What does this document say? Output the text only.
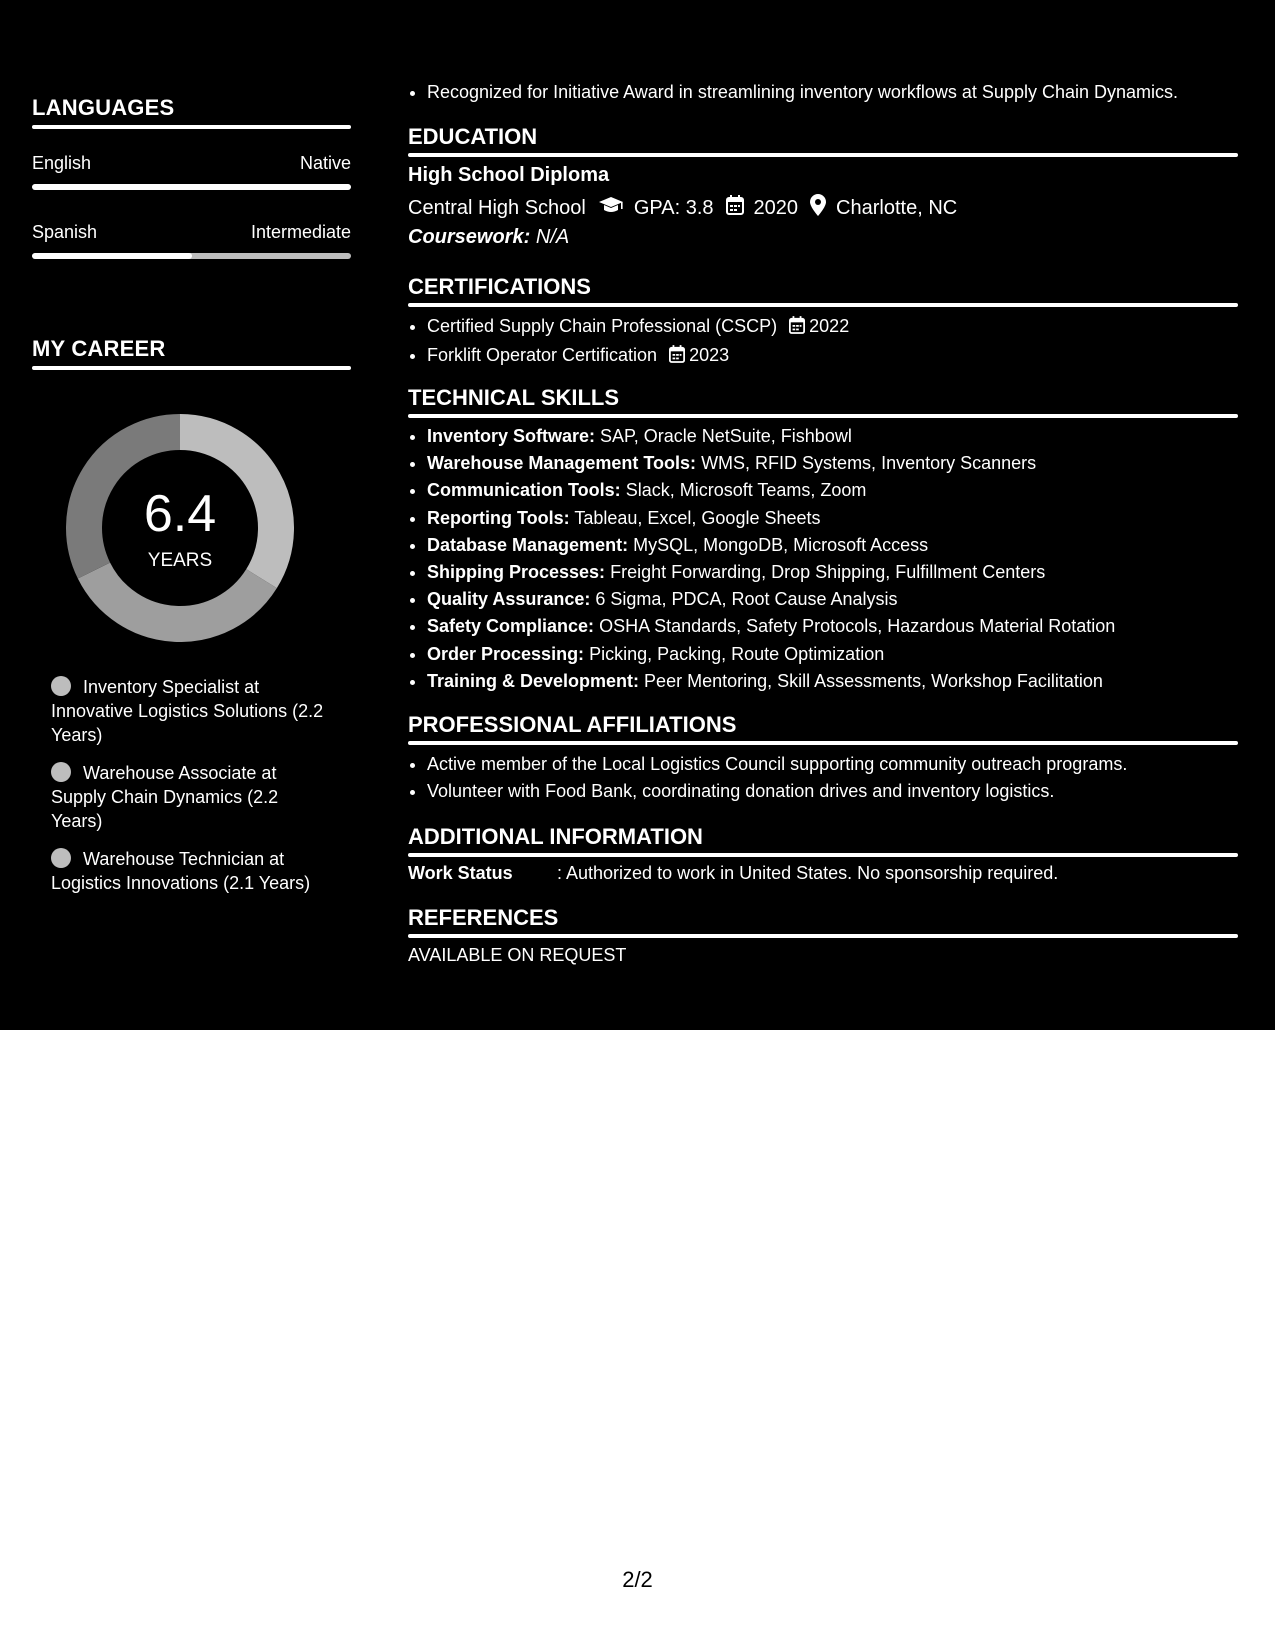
LANGUAGES
English	Native
Spanish	Intermediate
MY CAREER
6.4
YEARS
Inventory Specialist at Innovative Logistics Solutions (2.2 Years)
Warehouse Associate at Supply Chain Dynamics (2.2 Years)
Warehouse Technician at Logistics Innovations (2.1 Years)
• Recognized for Initiative Award in streamlining inventory workflows at Supply Chain Dynamics.
EDUCATION
High School Diploma
Central High School GPA: 3.8 2020 Charlotte, NC
Coursework: N/A
CERTIFICATIONS
• Certified Supply Chain Professional (CSCP) 2022
• Forklift Operator Certification 2023
TECHNICAL SKILLS
• Inventory Software: SAP, Oracle NetSuite, Fishbowl
• Warehouse Management Tools: WMS, RFID Systems, Inventory Scanners
• Communication Tools: Slack, Microsoft Teams, Zoom
• Reporting Tools: Tableau, Excel, Google Sheets
• Database Management: MySQL, MongoDB, Microsoft Access
• Shipping Processes: Freight Forwarding, Drop Shipping, Fulfillment Centers
• Quality Assurance: 6 Sigma, PDCA, Root Cause Analysis
• Safety Compliance: OSHA Standards, Safety Protocols, Hazardous Material Rotation
• Order Processing: Picking, Packing, Route Optimization
• Training & Development: Peer Mentoring, Skill Assessments, Workshop Facilitation
PROFESSIONAL AFFILIATIONS
• Active member of the Local Logistics Council supporting community outreach programs.
• Volunteer with Food Bank, coordinating donation drives and inventory logistics.
ADDITIONAL INFORMATION
Work Status	: Authorized to work in United States. No sponsorship required.
REFERENCES
AVAILABLE ON REQUEST
2/2
